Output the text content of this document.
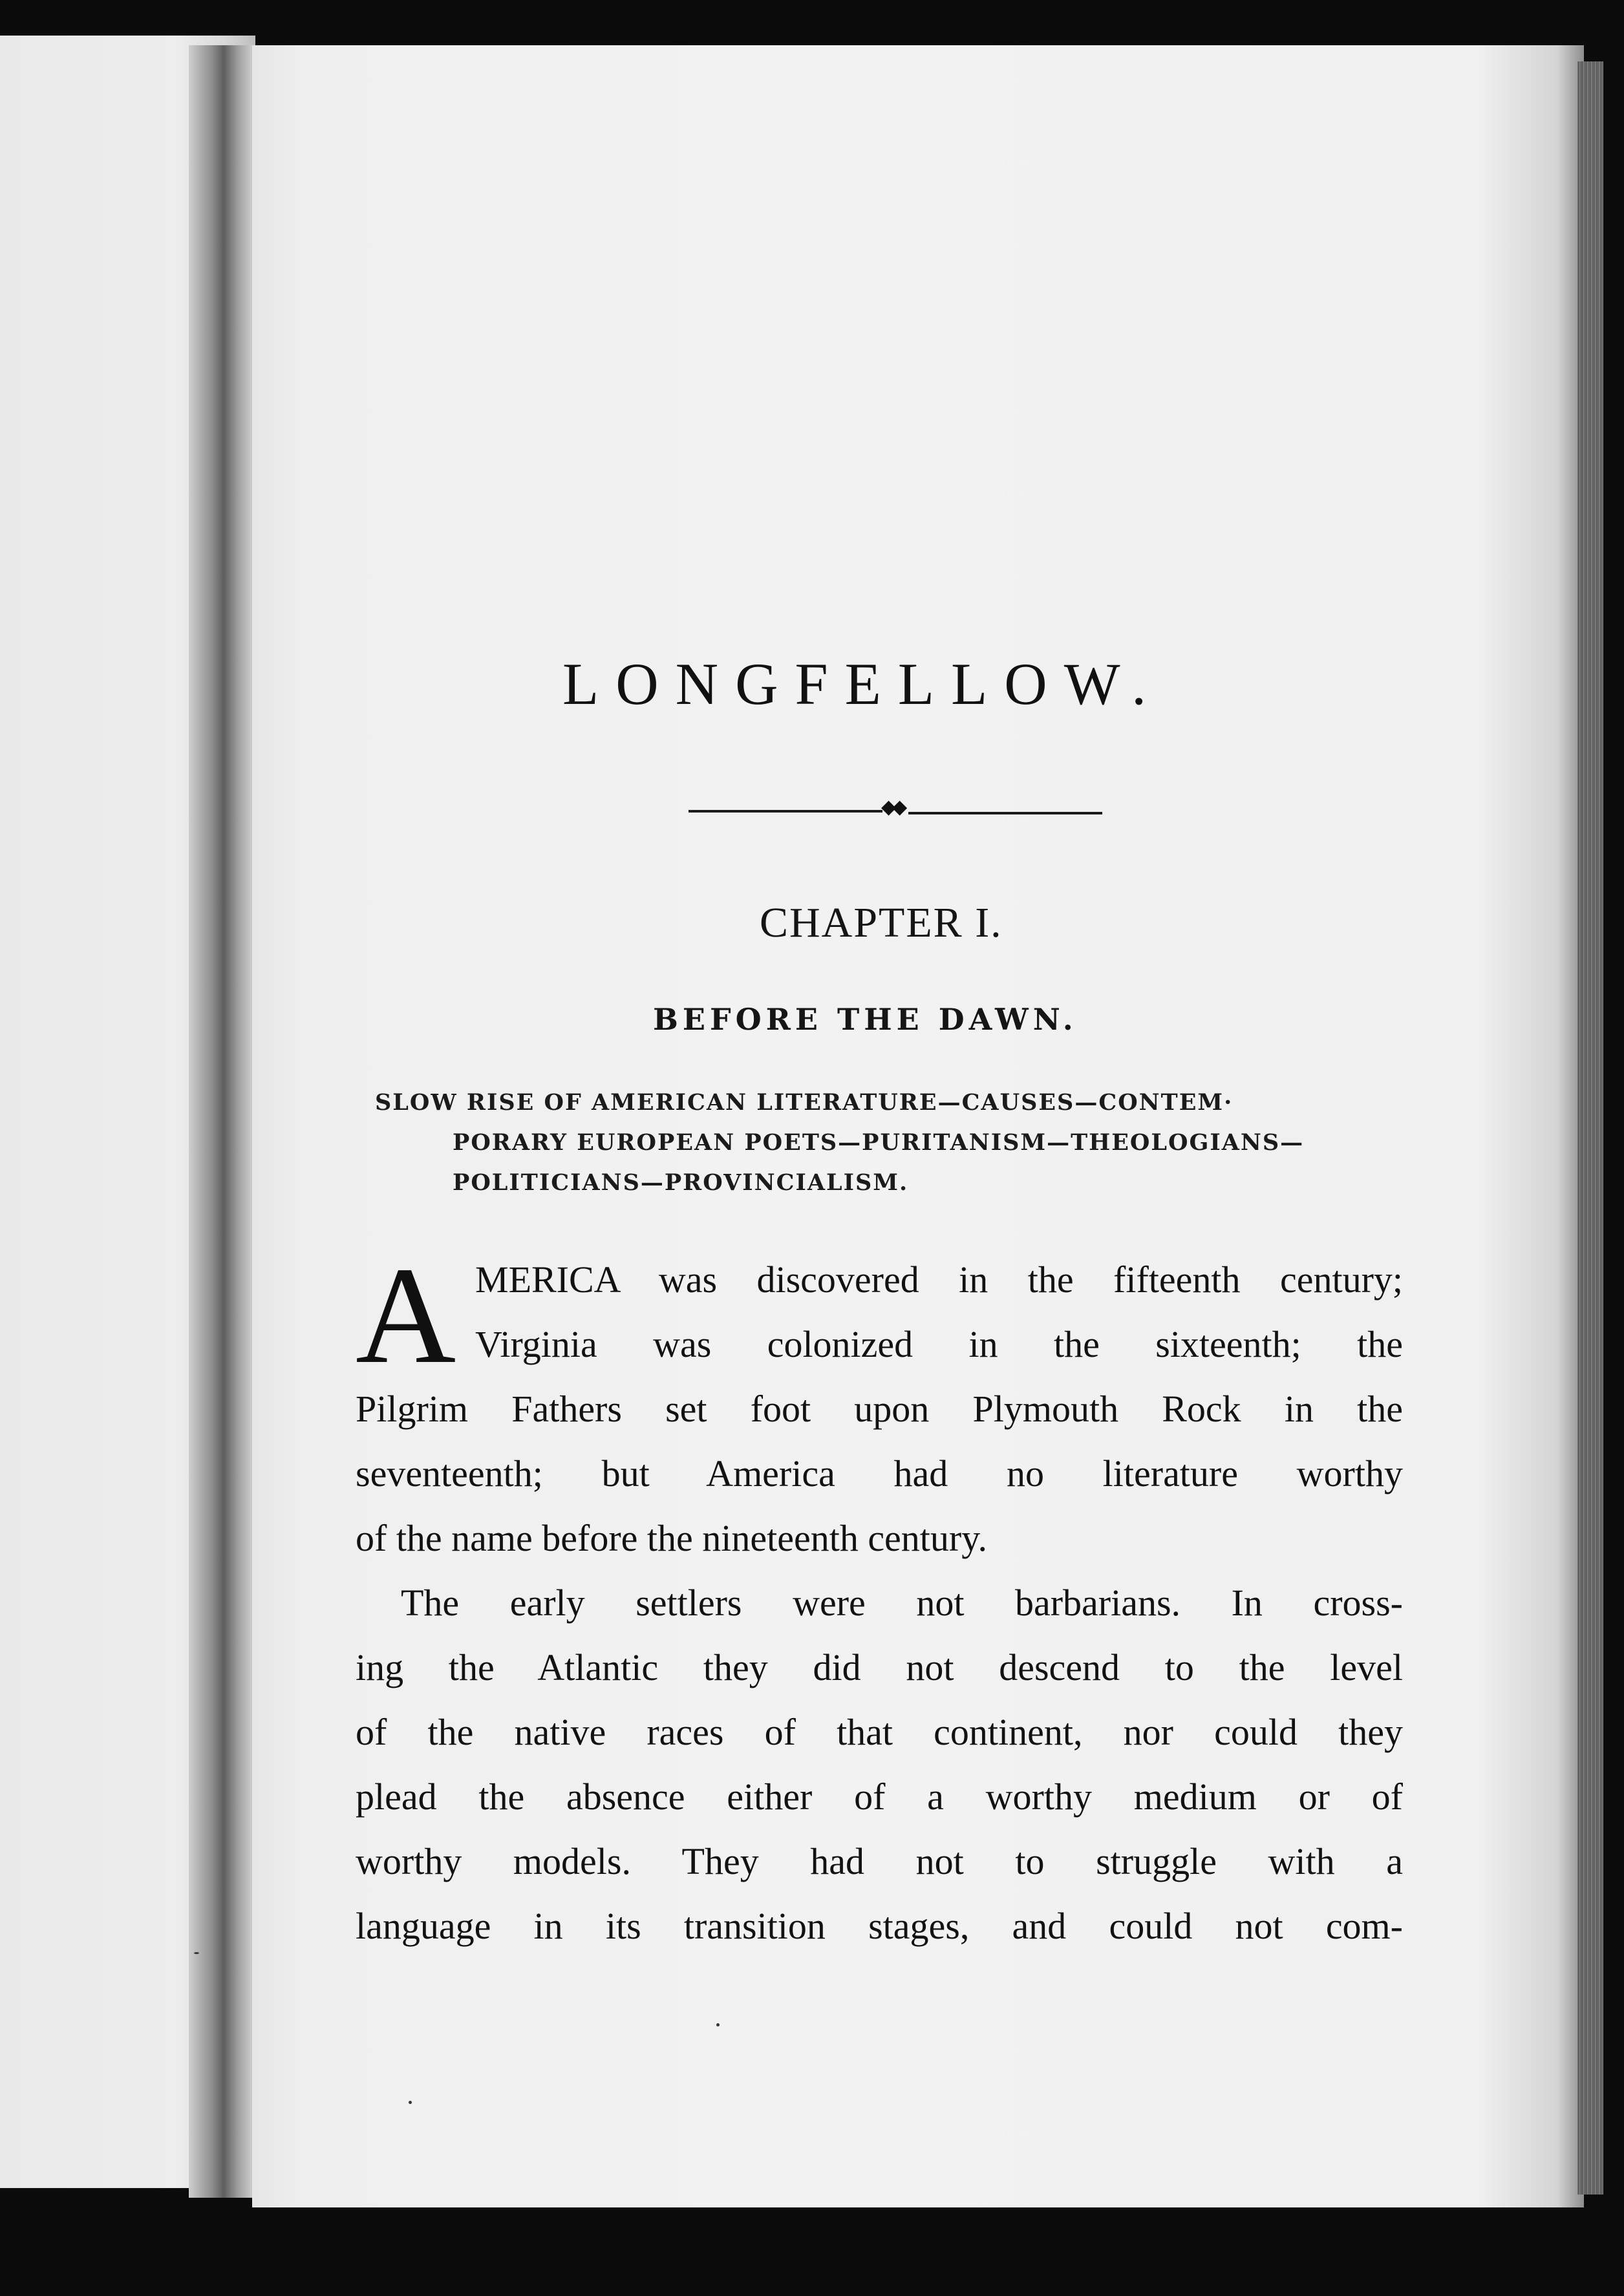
LONGFELLOW.
◆◆
CHAPTER I.
BEFORE THE DAWN.
SLOW RISE OF AMERICAN LITERATURE—CAUSES—CONTEM·
PORARY EUROPEAN POETS—PURITANISM—THEOLOGIANS—
POLITICIANS—PROVINCIALISM.
A MERICA was discovered in the fifteenth century;
Virginia was colonized in the sixteenth; the
Pilgrim Fathers set foot upon Plymouth Rock in the
seventeenth; but America had no literature worthy
of the name before the nineteenth century.
The early settlers were not barbarians. In cross-
ing the Atlantic they did not descend to the level
of the native races of that continent, nor could they
plead the absence either of a worthy medium or of
worthy models. They had not to struggle with a
language in its transition stages, and could not com-
